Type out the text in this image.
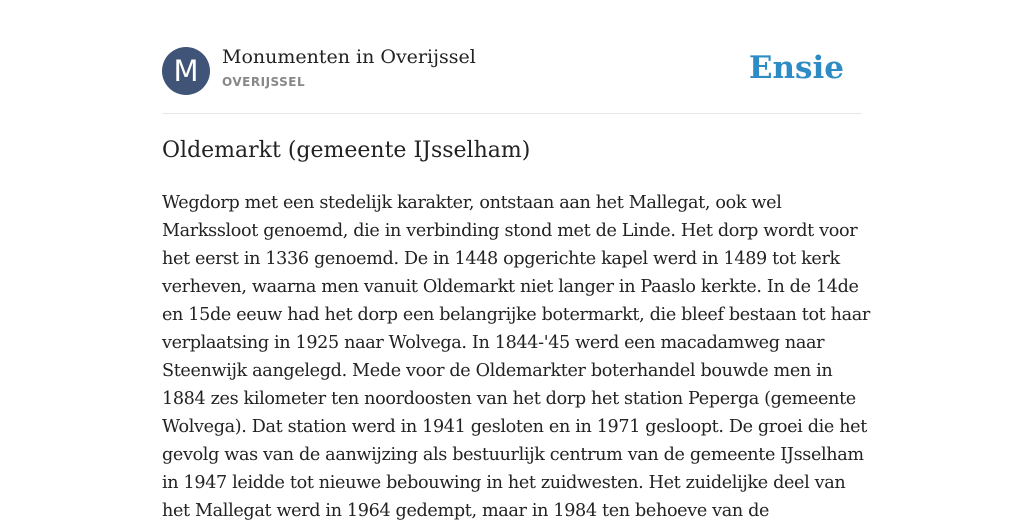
M	Monumenten in Overijssel
OVERIJSSEL	Ensie
Oldemarkt (gemeente IJsselham)
Wegdorp met een stedelijk karakter, ontstaan aan het Mallegat, ook wel
Markssloot genoemd, die in verbinding stond met de Linde. Het dorp wordt voor
het eerst in 1336 genoemd. De in 1448 opgerichte kapel werd in 1489 tot kerk
verheven, waarna men vanuit Oldemarkt niet langer in Paaslo kerkte. In de 14de
en 15de eeuw had het dorp een belangrijke botermarkt, die bleef bestaan tot haar
verplaatsing in 1925 naar Wolvega. In 1844-'45 werd een macadamweg naar
Steenwijk aangelegd. Mede voor de Oldemarkter boterhandel bouwde men in
1884 zes kilometer ten noordoosten van het dorp het station Peperga (gemeente
Wolvega). Dat station werd in 1941 gesloten en in 1971 gesloopt. De groei die het
gevolg was van de aanwijzing als bestuurlijk centrum van de gemeente IJsselham
in 1947 leidde tot nieuwe bebouwing in het zuidwesten. Het zuidelijke deel van
het Mallegat werd in 1964 gedempt, maar in 1984 ten behoeve van de
